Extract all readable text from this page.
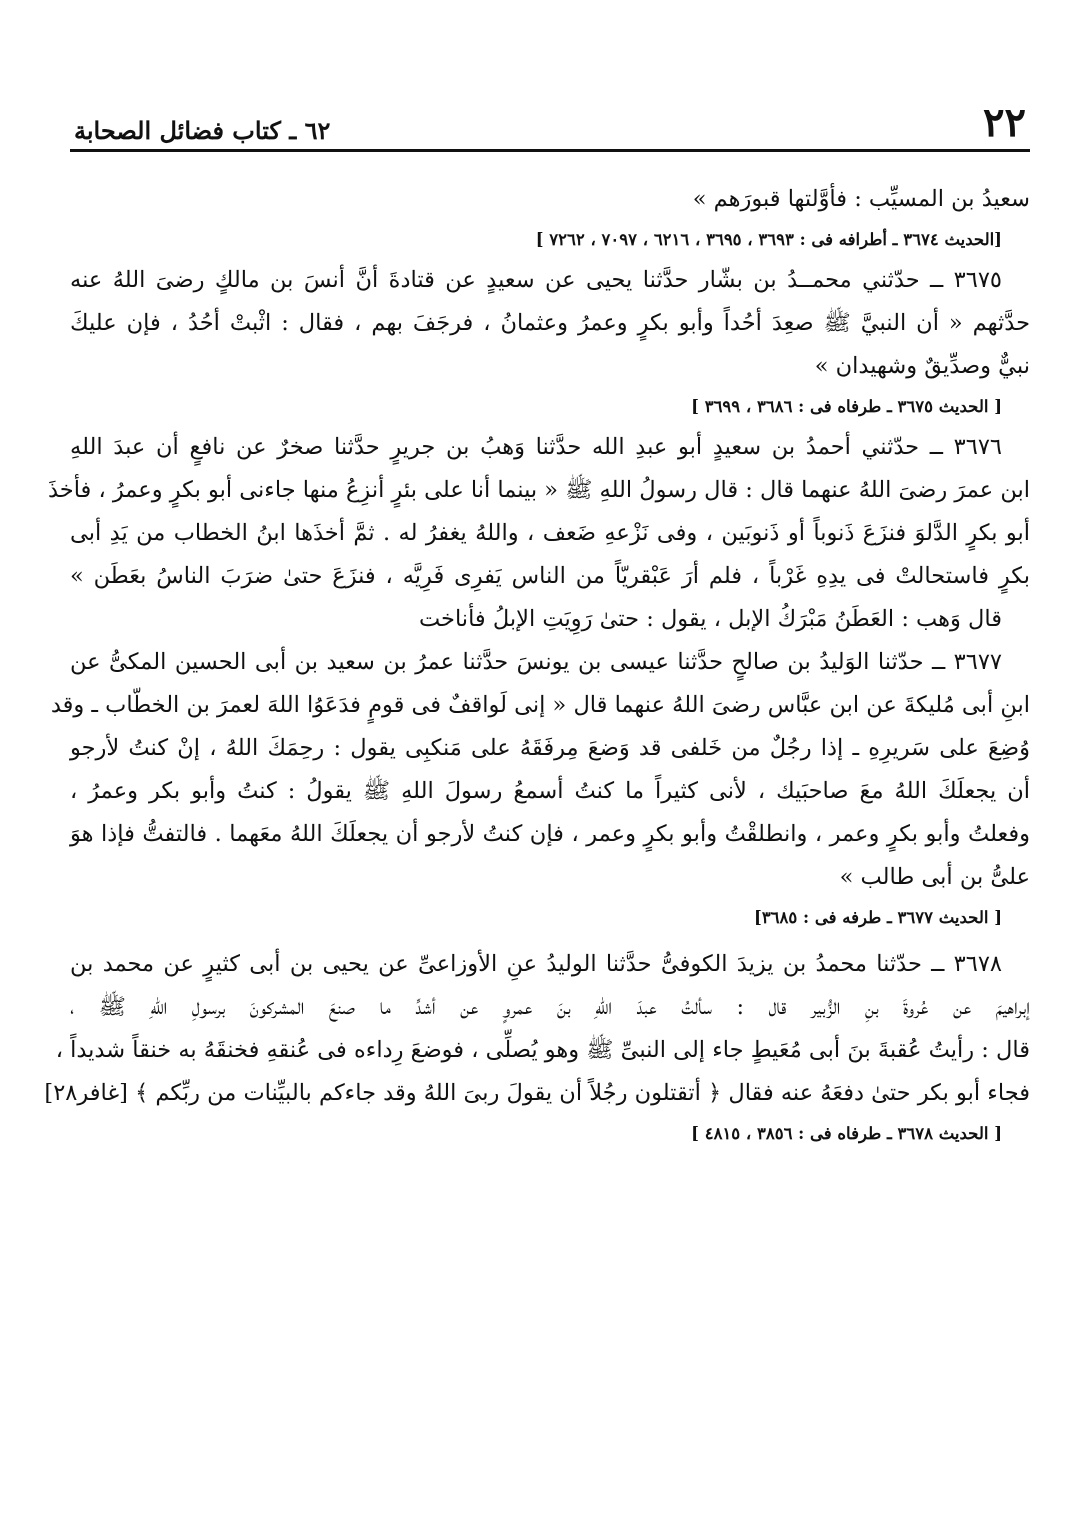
٢٢
٦٢ ـ كتاب فضائل الصحابة
سعيدُ بن المسيِّب : فأوَّلتها قبورَهم »
[الحديث ٣٦٧٤ ـ أطرافه فى : ٣٦٩٣ ، ٣٦٩٥ ، ٦٢١٦ ، ٧٠٩٧ ، ٧٢٦٢ ]
٣٦٧٥ ــ حدّثني محمــدُ بن بشّار حدَّثنا يحيى عن سعيدٍ عن قتادةَ أنَّ أنسَ بن مالكٍ رضىَ اللهُ عنه
حدَّثهم « أن النبيَّ ﷺ صعِدَ أحُداً وأبو بكرٍ وعمرُ وعثمانُ ، فرجَفَ بهم ، فقال : اثْبتْ أحُدُ ، فإن عليكَ
نبيٌّ وصدِّيقٌ وشهيدان »
[ الحديث ٣٦٧٥ ـ طرفاه فى : ٣٦٨٦ ، ٣٦٩٩ ]
٣٦٧٦ ــ حدّثني أحمدُ بن سعيدٍ أبو عبدِ الله حدَّثنا وَهبُ بن جريرٍ حدَّثنا صخرٌ عن نافعٍ أن عبدَ اللهِ
ابن عمرَ رضىَ اللهُ عنهما قال : قال رسولُ اللهِ ﷺ « بينما أنا على بئرٍ أنزِعُ منها جاءنى أبو بكرٍ وعمرُ ، فأخذَ
أبو بكرٍ الدَّلوَ فنزَعَ ذَنوباً أو ذَنوبَين ، وفى نَزْعهِ ضَعف ، واللهُ يغفرُ له . ثمَّ أخذَها ابنُ الخطاب من يَدِ أبى
بكرٍ فاستحالتْ فى يدِهِ غَرْباً ، فلم أرَ عَبْقريّاً من الناس يَفرِى فَرِيَّه ، فنزَعَ حتىٰ ضرَبَ الناسُ بعَطَن »
قال وَهب : العَطَنُ مَبْرَكُ الإبل ، يقول : حتىٰ رَوِيَتِ الإبلُ فأناخت
٣٦٧٧ ــ حدّثنا الوَليدُ بن صالحٍ حدَّثنا عيسى بن يونسَ حدَّثنا عمرُ بن سعيد بن أبى الحسين المكىُّ عن
ابنِ أبى مُليكةَ عن ابن عبَّاس رضىَ اللهُ عنهما قال « إنى لَواقفٌ فى قومٍ فدَعَوُا اللهَ لعمرَ بن الخطّاب ـ وقد
وُضِعَ على سَريرِهِ ـ إذا رجُلٌ من خَلفى قد وَضعَ مِرفَقَهُ على مَنكبِى يقول : رحِمَكَ اللهُ ، إنْ كنتُ لأرجو
أن يجعلَكَ اللهُ معَ صاحبَيك ، لأنى كثيراً ما كنتُ أسمعُ رسولَ اللهِ ﷺ يقولُ : كنتُ وأبو بكر وعمرُ ،
وفعلتُ وأبو بكرٍ وعمر ، وانطلقْتُ وأبو بكرٍ وعمر ، فإن كنتُ لأرجو أن يجعلَكَ اللهُ معَهما . فالتفتُّ فإذا هوَ
علىُّ بن أبى طالب »
[ الحديث ٣٦٧٧ ـ طرفه فى : ٣٦٨٥]
٣٦٧٨ ــ حدّثنا محمدُ بن يزيدَ الكوفىُّ حدَّثنا الوليدُ عنِ الأوزاعىِّ عن يحيى بن أبى كثيرٍ عن محمد بن
إبراهيمَ عن عُروةَ بنِ الزُّبير قال : سألتُ عبدَ اللهِ بنَ عمروٍ عن أشدِّ ما صنعَ المشركونَ برسولِ اللهِ ﷺ ،
قال : رأيتُ عُقبةَ بنَ أبى مُعَيطٍ جاء إلى النبىِّ ﷺ وهو يُصلِّى ، فوضعَ رِداءه فى عُنقهِ فخنقَهُ به خنقاً شديداً ،
فجاء أبو بكر حتىٰ دفعَهُ عنه فقال ﴿ أتقتلون رجُلاً أن يقولَ ربىَ اللهُ وقد جاءكم بالبيِّنات من ربِّكم ﴾ [غافر٢٨]
[ الحديث ٣٦٧٨ ـ طرفاه فى : ٣٨٥٦ ، ٤٨١٥ ]
